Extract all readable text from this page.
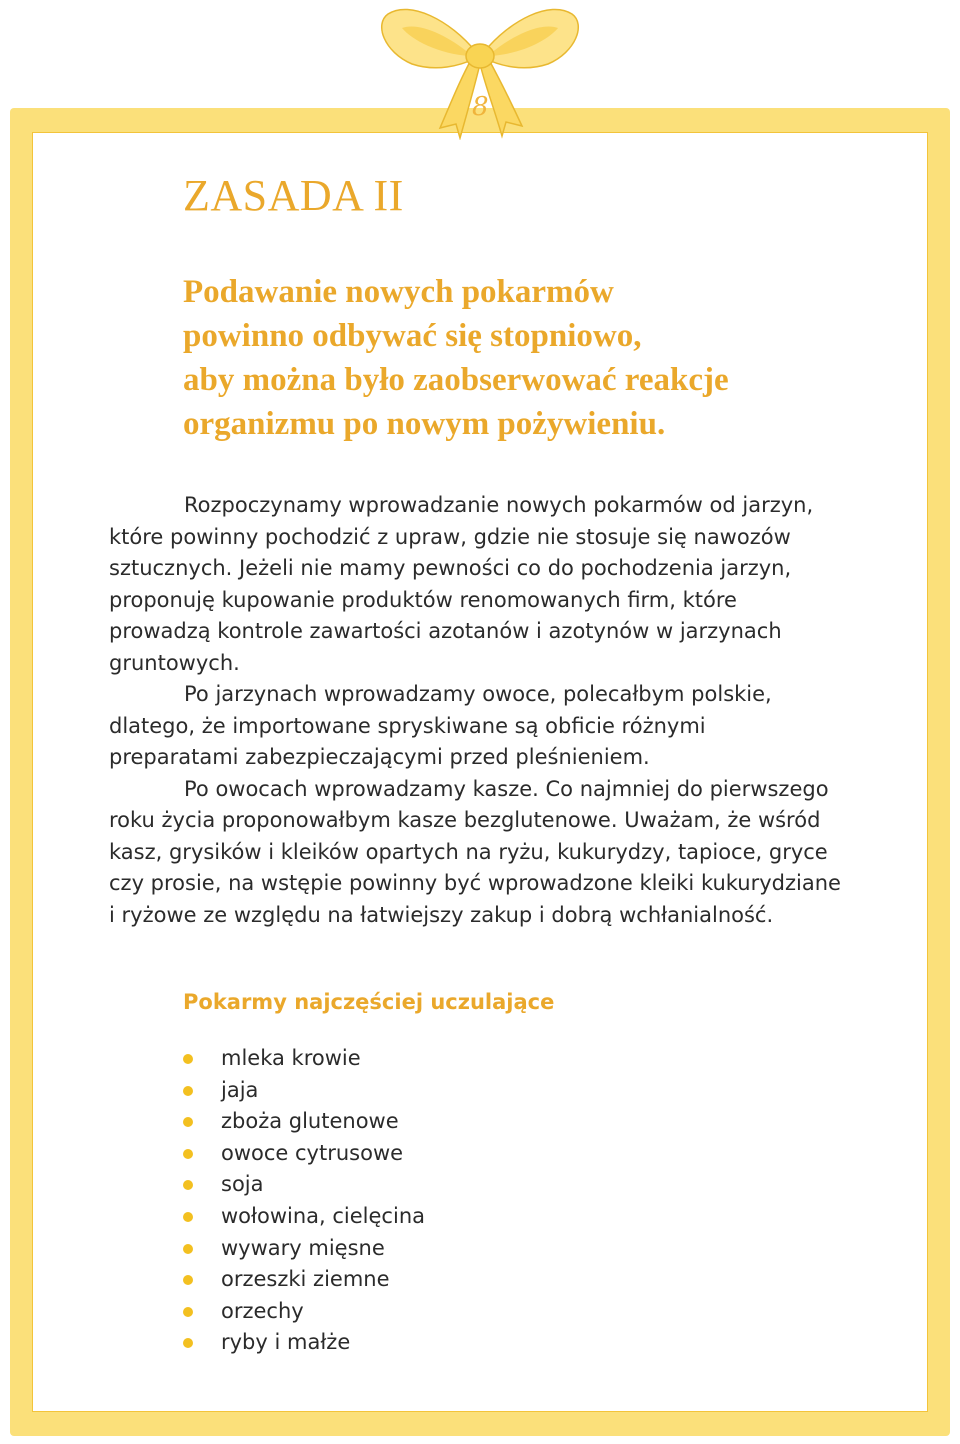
8
ZASADA II
Podawanie nowych pokarmów
powinno odbywać się stopniowo,
aby można było zaobserwować reakcje
organizmu po nowym pożywieniu.
Rozpoczynamy wprowadzanie nowych pokarmów od jarzyn,
które powinny pochodzić z upraw, gdzie nie stosuje się nawozów
sztucznych. Jeżeli nie mamy pewności co do pochodzenia jarzyn,
proponuję kupowanie produktów renomowanych firm, które
prowadzą kontrole zawartości azotanów i azotynów w jarzynach
gruntowych.
Po jarzynach wprowadzamy owoce, polecałbym polskie,
dlatego, że importowane spryskiwane są obficie różnymi
preparatami zabezpieczającymi przed pleśnieniem.
Po owocach wprowadzamy kasze. Co najmniej do pierwszego
roku życia proponowałbym kasze bezglutenowe. Uważam, że wśród
kasz, grysików i kleików opartych na ryżu, kukurydzy, tapioce, gryce
czy prosie, na wstępie powinny być wprowadzone kleiki kukurydziane
i ryżowe ze względu na łatwiejszy zakup i dobrą wchłanialność.
Pokarmy najczęściej uczulające
mleka krowie
jaja
zboża glutenowe
owoce cytrusowe
soja
wołowina, cielęcina
wywary mięsne
orzeszki ziemne
orzechy
ryby i małże
